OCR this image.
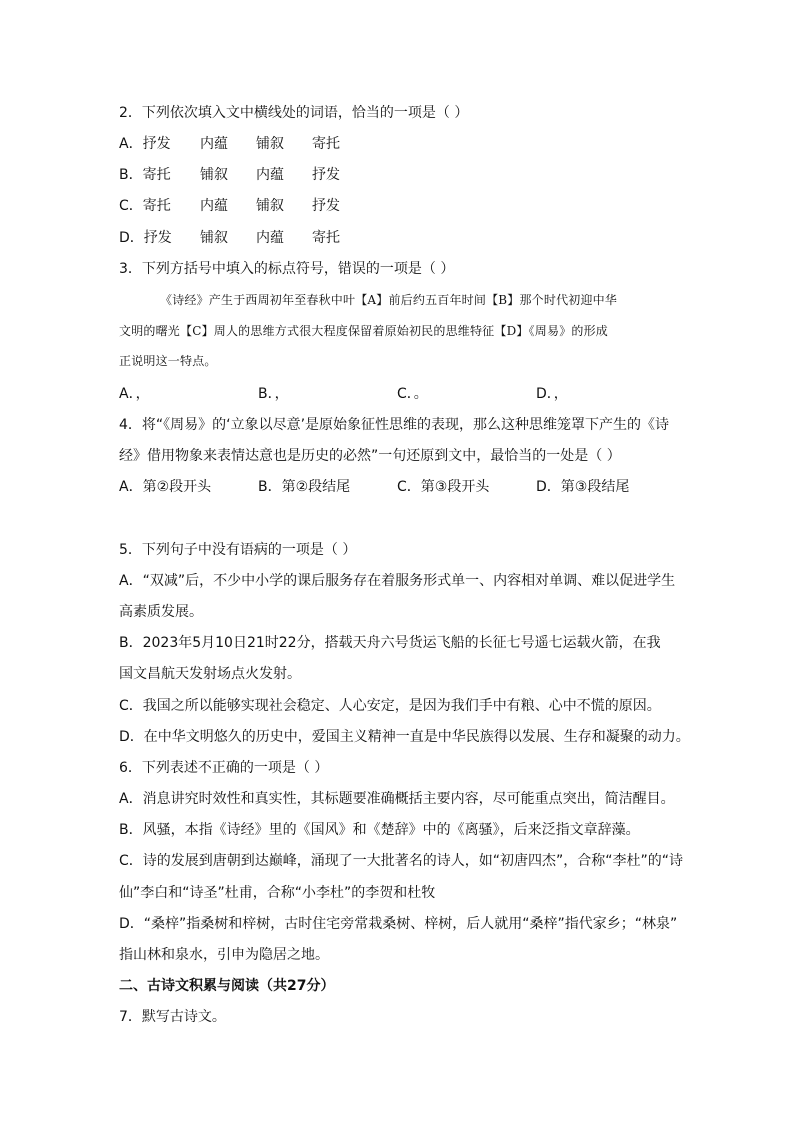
2．下列依次填入文中横线处的词语，恰当的一项是（ ）
A．抒发 内蕴 铺叙 寄托
B．寄托 铺叙 内蕴 抒发
C．寄托 内蕴 铺叙 抒发
D．抒发 铺叙 内蕴 寄托
3．下列方括号中填入的标点符号，错误的一项是（ ）
《诗经》产生于西周初年至春秋中叶【A】前后约五百年时间【B】那个时代初迎中华
文明的曙光【C】周人的思维方式很大程度保留着原始初民的思维特征【D】《周易》的形成
正说明这一特点。
A．，	B．，	C．。	D．，
4．将“《周易》的‘立象以尽意’是原始象征性思维的表现，那么这种思维笼罩下产生的《诗
经》借用物象来表情达意也是历史的必然”一句还原到文中，最恰当的一处是（ ）
A．第②段开头	B．第②段结尾	C．第③段开头	D．第③段结尾
5．下列句子中没有语病的一项是（ ）
A．“双减”后，不少中小学的课后服务存在着服务形式单一、内容相对单调、难以促进学生
高素质发展。
B．2023年5月10日21时22分，搭载天舟六号货运飞船的长征七号遥七运载火箭，在我
国文昌航天发射场点火发射。
C．我国之所以能够实现社会稳定、人心安定，是因为我们手中有粮、心中不慌的原因。
D．在中华文明悠久的历史中，爱国主义精神一直是中华民族得以发展、生存和凝聚的动力。
6．下列表述不正确的一项是（ ）
A．消息讲究时效性和真实性，其标题要准确概括主要内容，尽可能重点突出，简洁醒目。
B．风骚，本指《诗经》里的《国风》和《楚辞》中的《离骚》，后来泛指文章辞藻。
C．诗的发展到唐朝到达巅峰，涌现了一大批著名的诗人，如“初唐四杰”，合称“李杜”的“诗
仙”李白和“诗圣”杜甫，合称“小李杜”的李贺和杜牧
D．“桑梓”指桑树和梓树，古时住宅旁常栽桑树、梓树，后人就用“桑梓”指代家乡；“林泉”
指山林和泉水，引申为隐居之地。
二、古诗文积累与阅读（共27分）
7．默写古诗文。
